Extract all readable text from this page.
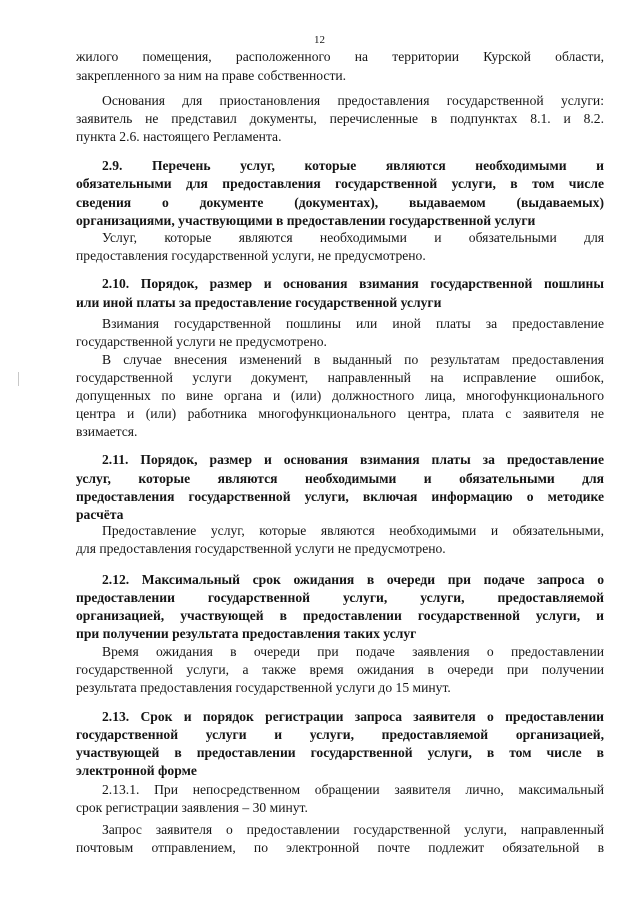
12
жилого помещения, расположенного на территории Курской области,
закрепленного за ним на праве собственности.
Основания для приостановления предоставления государственной услуги:
заявитель не представил документы, перечисленные в подпунктах 8.1. и 8.2.
пункта 2.6. настоящего Регламента.
2.9. Перечень услуг, которые являются необходимыми и
обязательными для предоставления государственной услуги, в том числе
сведения о документе (документах), выдаваемом (выдаваемых)
организациями, участвующими в предоставлении государственной услуги
Услуг, которые являются необходимыми и обязательными для
предоставления государственной услуги, не предусмотрено.
2.10. Порядок, размер и основания взимания государственной пошлины
или иной платы за предоставление государственной услуги
Взимания государственной пошлины или иной платы за предоставление
государственной услуги не предусмотрено.
В случае внесения изменений в выданный по результатам предоставления
государственной услуги документ, направленный на исправление ошибок,
допущенных по вине органа и (или) должностного лица, многофункционального
центра и (или) работника многофункционального центра, плата с заявителя не
взимается.
2.11. Порядок, размер и основания взимания платы за предоставление
услуг, которые являются необходимыми и обязательными для
предоставления государственной услуги, включая информацию о методике
расчёта
Предоставление услуг, которые являются необходимыми и обязательными,
для предоставления государственной услуги не предусмотрено.
2.12. Максимальный срок ожидания в очереди при подаче запроса о
предоставлении государственной услуги, услуги, предоставляемой
организацией, участвующей в предоставлении государственной услуги, и
при получении результата предоставления таких услуг
Время ожидания в очереди при подаче заявления о предоставлении
государственной услуги, а также время ожидания в очереди при получении
результата предоставления государственной услуги до 15 минут.
2.13. Срок и порядок регистрации запроса заявителя о предоставлении
государственной услуги и услуги, предоставляемой организацией,
участвующей в предоставлении государственной услуги, в том числе в
электронной форме
2.13.1. При непосредственном обращении заявителя лично, максимальный
срок регистрации заявления – 30 минут.
Запрос заявителя о предоставлении государственной услуги, направленный
почтовым отправлением, по электронной почте подлежит обязательной в
